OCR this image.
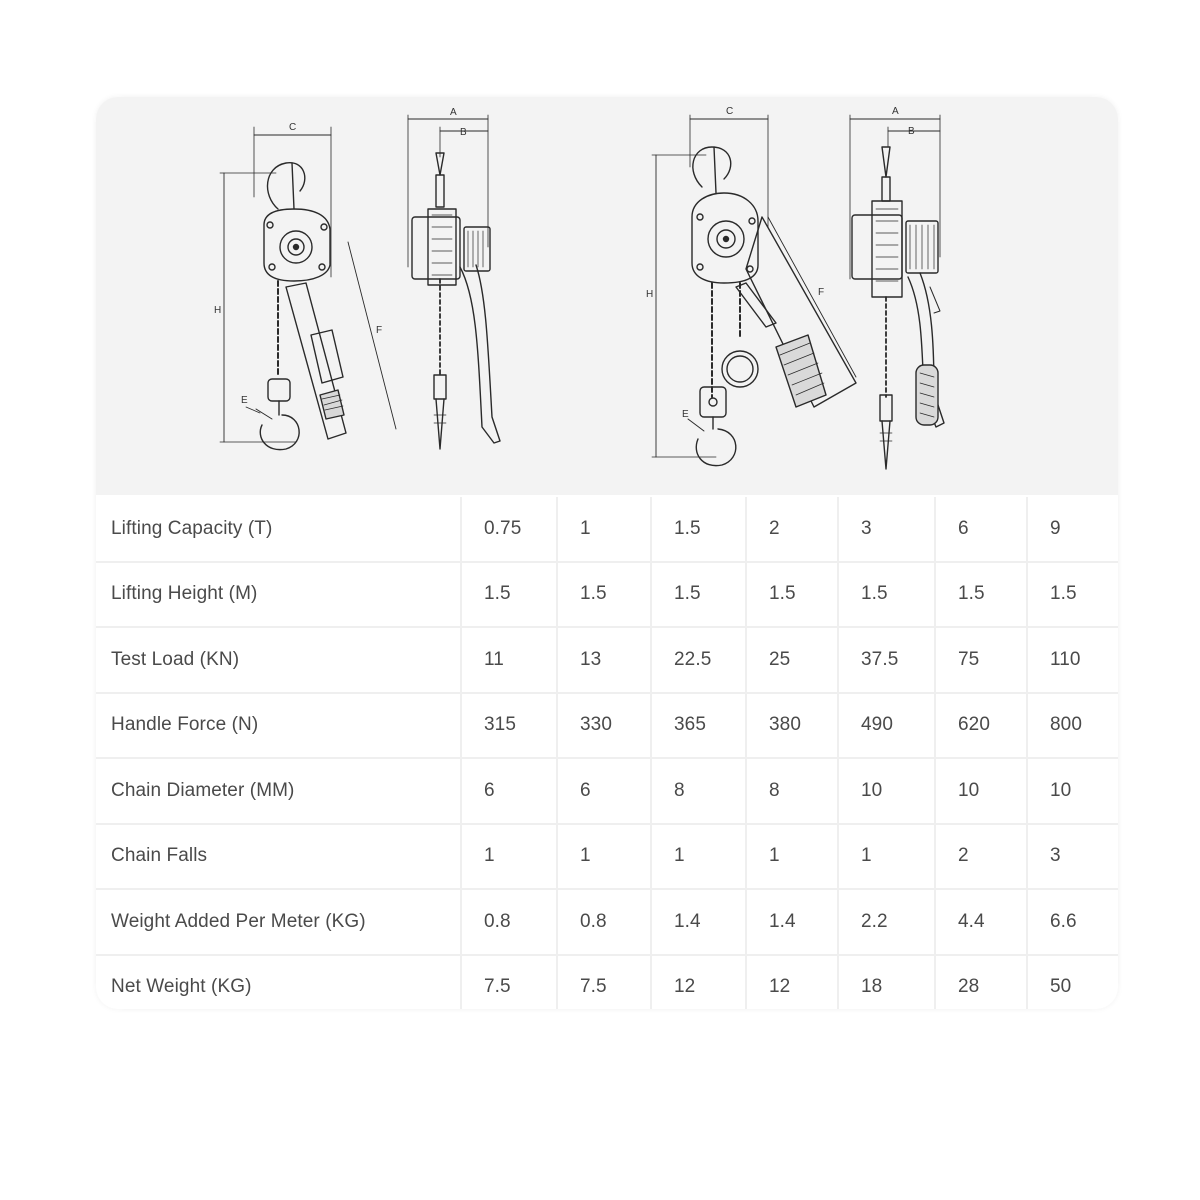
C
H
F
E
A
B
C
H	F
E
A
B
Lifting Capacity (T)	0.75	1	1.5	2	3	6	9
Lifting Height (M)	1.5	1.5	1.5	1.5	1.5	1.5	1.5
Test Load (KN)	11	13	22.5	25	37.5	75	110
Handle Force (N)	315	330	365	380	490	620	800
Chain Diameter (MM)	6	6	8	8	10	10	10
Chain Falls	1	1	1	1	1	2	3
Weight Added Per Meter (KG)	0.8	0.8	1.4	1.4	2.2	4.4	6.6
Net Weight (KG)	7.5	7.5	12	12	18	28	50
